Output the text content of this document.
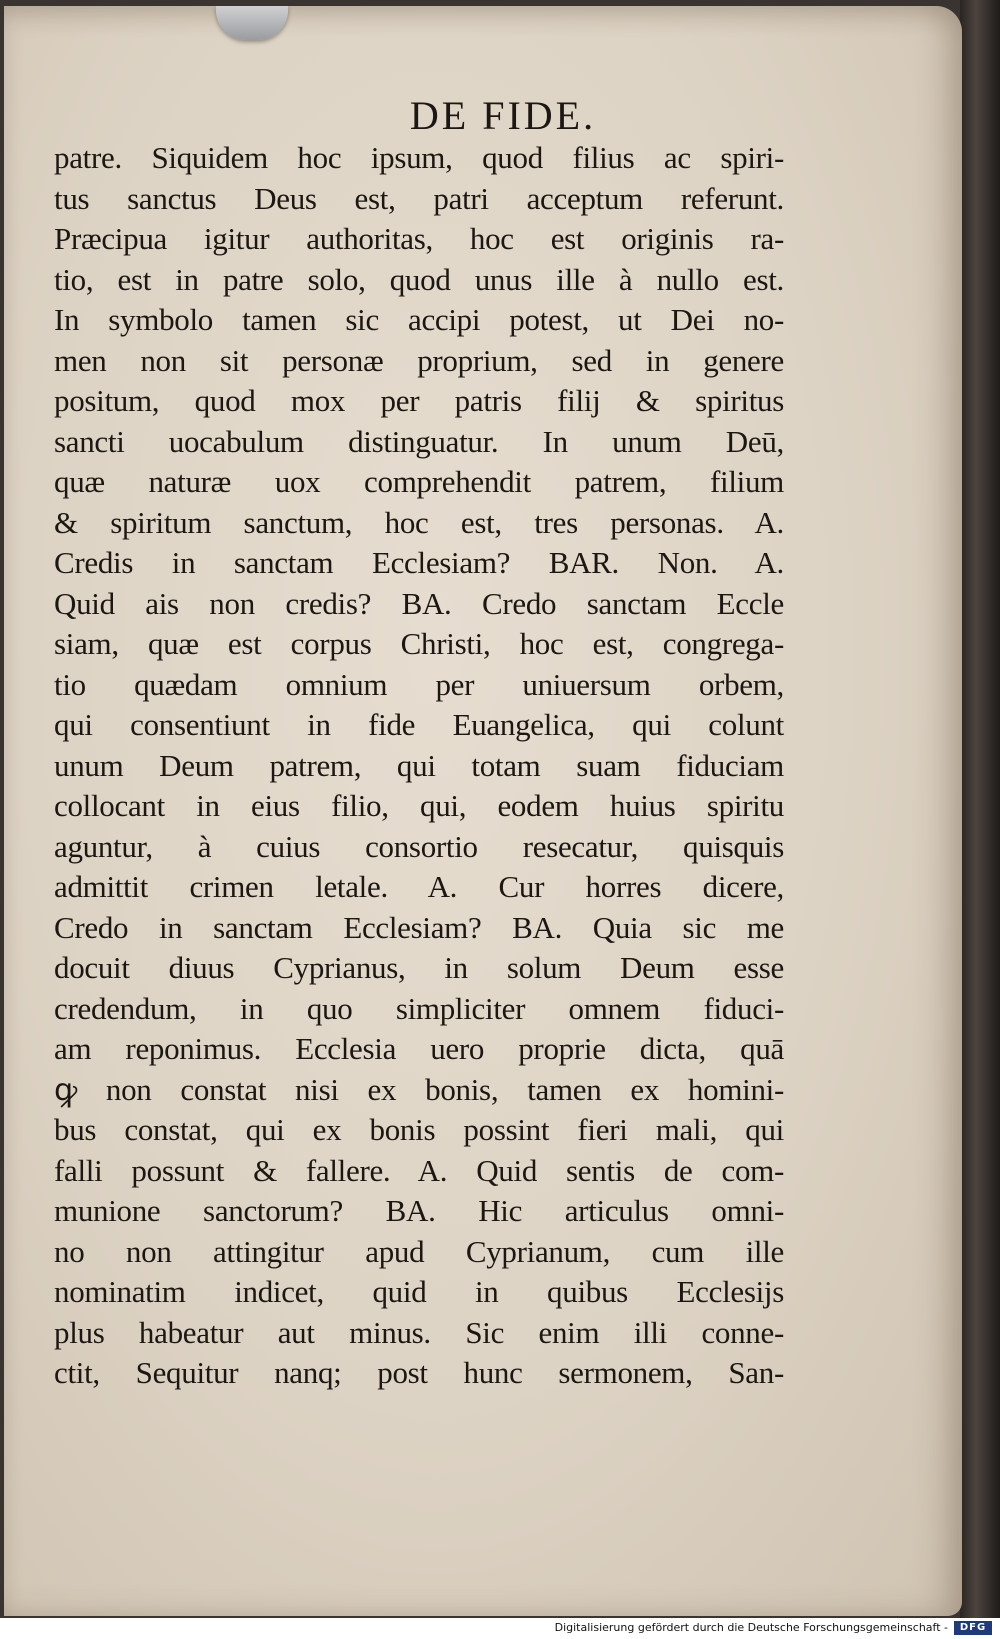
DE FIDE.
patre. Siquidem hoc ipsum, quod filius ac spiri-
tus sanctus Deus est, patri acceptum referunt.
Præcipua igitur authoritas, hoc est originis ra-
tio, est in patre solo, quod unus ille à nullo est.
In symbolo tamen sic accipi potest, ut Dei no-
men non sit personæ proprium, sed in genere
positum, quod mox per patris filij & spiritus
sancti uocabulum distinguatur. In unum Deū,
quæ naturæ uox comprehendit patrem, filium
& spiritum sanctum, hoc est, tres personas. A.
Credis in sanctam Ecclesiam? BAR. Non. A.
Quid ais non credis? BA. Credo sanctam Eccle
siam, quæ est corpus Christi, hoc est, congrega-
tio quædam omnium per uniuersum orbem,
qui consentiunt in fide Euangelica, qui colunt
unum Deum patrem, qui totam suam fiduciam
collocant in eius filio, qui, eodem huius spiritu
aguntur, à cuius consortio resecatur, quisquis
admittit crimen letale. A. Cur horres dicere,
Credo in sanctam Ecclesiam? BA. Quia sic me
docuit diuus Cyprianus, in solum Deum esse
credendum, in quo simpliciter omnem fiduci-
am reponimus. Ecclesia uero proprie dicta, quā
ꝙ non constat nisi ex bonis, tamen ex homini-
bus constat, qui ex bonis possint fieri mali, qui
falli possunt & fallere. A. Quid sentis de com-
munione sanctorum? BA. Hic articulus omni-
no non attingitur apud Cyprianum, cum ille
nominatim indicet, quid in quibus Ecclesijs
plus habeatur aut minus. Sic enim illi conne-
ctit, Sequitur nanq; post hunc sermonem, San-
Digitalisierung gefördert durch die Deutsche Forschungsgemeinschaft -	DFG
